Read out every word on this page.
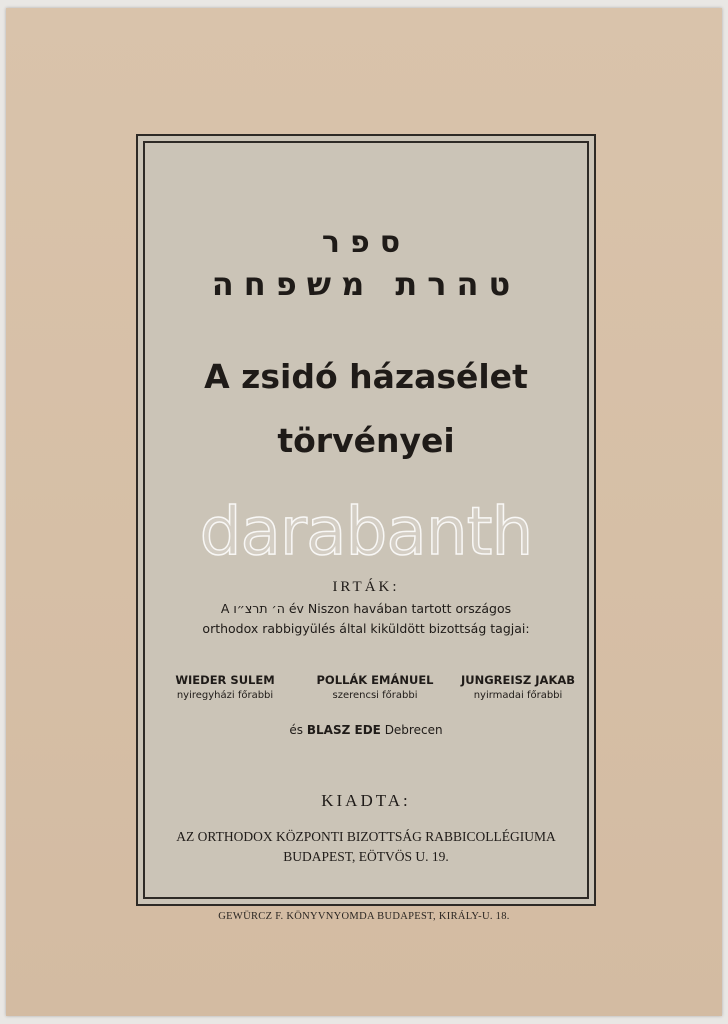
ספר
טהרת משפחה
A zsidó házasélet
törvényei
darabanth
IRTÁK:
A ה׳ תרצ״ו év Niszon havában tartott országos
orthodox rabbigyülés által kiküldött bizottság tagjai:
WIEDER SULEM
nyiregyházi főrabbi
POLLÁK EMÁNUEL
szerencsi főrabbi
JUNGREISZ JAKAB
nyirmadai főrabbi
és BLASZ EDE Debrecen
KIADTA:
AZ ORTHODOX KÖZPONTI BIZOTTSÁG RABBICOLLÉGIUMA
BUDAPEST, EÖTVÖS U. 19.
GEWÜRCZ F. KÖNYVNYOMDA BUDAPEST, KIRÁLY-U. 18.
